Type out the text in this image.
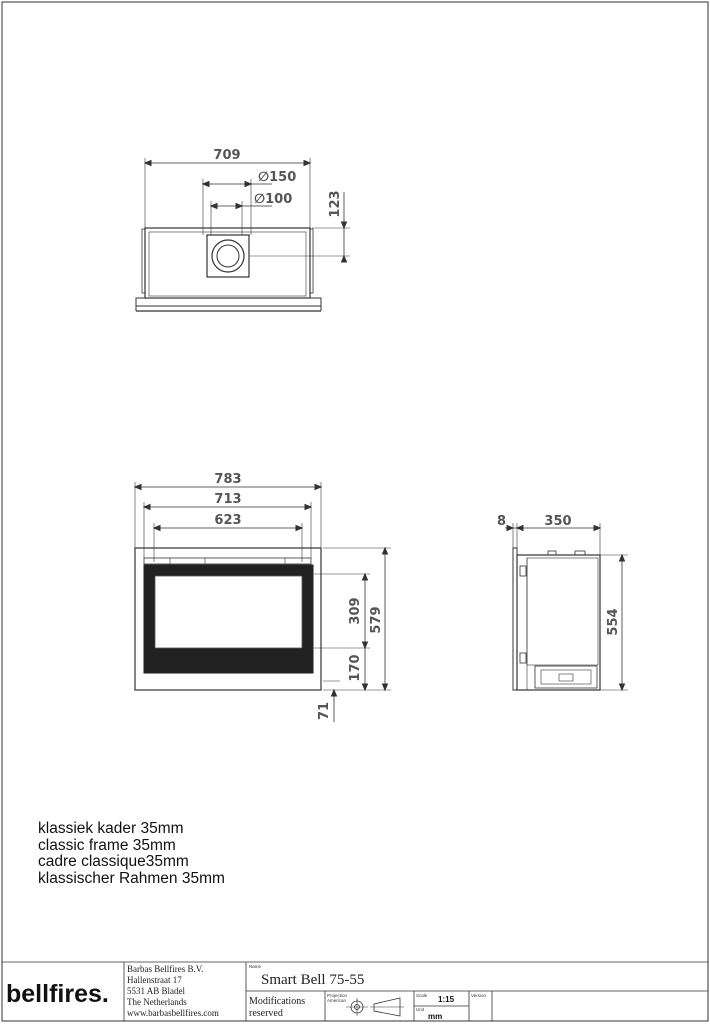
709
∅150
∅100	123
783
713
623
309 579
170
71
8	350
554
bellfires.
Barbas Bellfires B.V.
Hallenstraat 17
5531 AB Bladel
The Netherlands
www.barbasbellfires.com
Name
Smart Bell 75-55
Modifications
reserved
Projection
American
Scale 1:15
Unit
mm
Version
klassiek kader 35mm
classic frame 35mm
cadre classique35mm
klassischer Rahmen 35mm
